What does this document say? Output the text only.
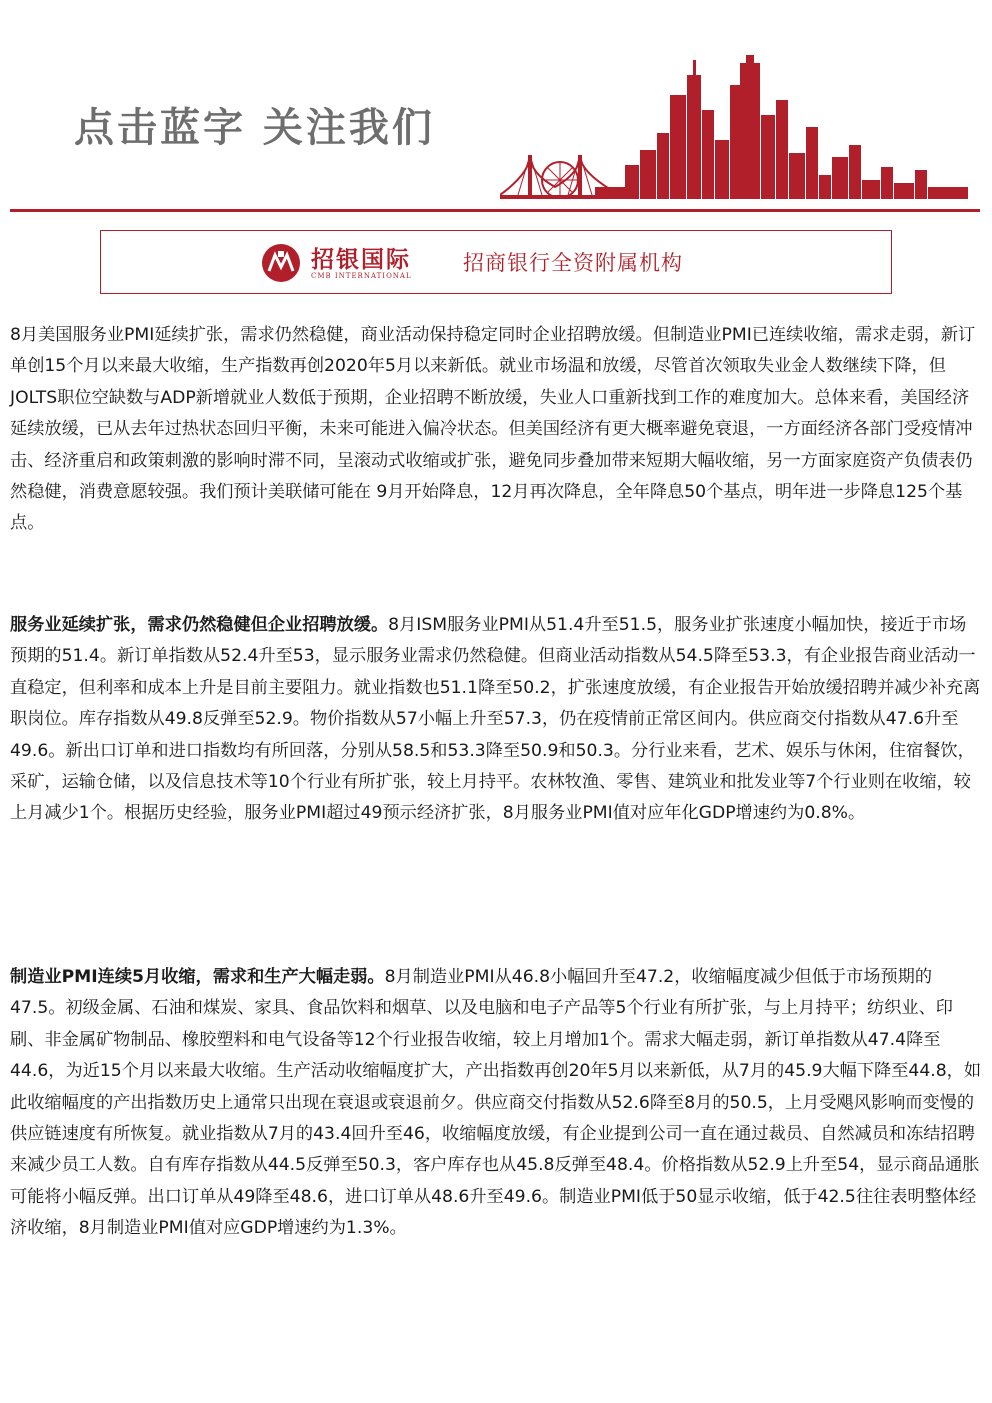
点击蓝字 关注我们
招银国际
CMB INTERNATIONAL
招商银行全资附属机构

8月美国服务业PMI延续扩张，需求仍然稳健，商业活动保持稳定同时企业招聘放缓。但制造业PMI已连续收缩，需求走弱，新订单创15个月以来最大收缩，生产指数再创2020年5月以来新低。就业市场温和放缓，尽管首次领取失业金人数继续下降，但JOLTS职位空缺数与ADP新增就业人数低于预期，企业招聘不断放缓，失业人口重新找到工作的难度加大。总体来看，美国经济延续放缓，已从去年过热状态回归平衡，未来可能进入偏冷状态。但美国经济有更大概率避免衰退，一方面经济各部门受疫情冲击、经济重启和政策刺激的影响时滞不同，呈滚动式收缩或扩张，避免同步叠加带来短期大幅收缩，另一方面家庭资产负债表仍然稳健，消费意愿较强。我们预计美联储可能在 9月开始降息，12月再次降息，全年降息50个基点，明年进一步降息125个基点。

服务业延续扩张，需求仍然稳健但企业招聘放缓。8月ISM服务业PMI从51.4升至51.5，服务业扩张速度小幅加快，接近于市场预期的51.4。新订单指数从52.4升至53，显示服务业需求仍然稳健。但商业活动指数从54.5降至53.3，有企业报告商业活动一直稳定，但利率和成本上升是目前主要阻力。就业指数也51.1降至50.2，扩张速度放缓，有企业报告开始放缓招聘并减少补充离职岗位。库存指数从49.8反弹至52.9。物价指数从57小幅上升至57.3，仍在疫情前正常区间内。供应商交付指数从47.6升至49.6。新出口订单和进口指数均有所回落，分别从58.5和53.3降至50.9和50.3。分行业来看，艺术、娱乐与休闲，住宿餐饮，采矿，运输仓储，以及信息技术等10个行业有所扩张，较上月持平。农林牧渔、零售、建筑业和批发业等7个行业则在收缩，较上月减少1个。根据历史经验，服务业PMI超过49预示经济扩张，8月服务业PMI值对应年化GDP增速约为0.8%。

制造业PMI连续5月收缩，需求和生产大幅走弱。8月制造业PMI从46.8小幅回升至47.2，收缩幅度减少但低于市场预期的47.5。初级金属、石油和煤炭、家具、食品饮料和烟草、以及电脑和电子产品等5个行业有所扩张，与上月持平；纺织业、印刷、非金属矿物制品、橡胶塑料和电气设备等12个行业报告收缩，较上月增加1个。需求大幅走弱，新订单指数从47.4降至44.6，为近15个月以来最大收缩。生产活动收缩幅度扩大，产出指数再创20年5月以来新低，从7月的45.9大幅下降至44.8，如此收缩幅度的产出指数历史上通常只出现在衰退或衰退前夕。供应商交付指数从52.6降至8月的50.5，上月受飓风影响而变慢的供应链速度有所恢复。就业指数从7月的43.4回升至46，收缩幅度放缓，有企业提到公司一直在通过裁员、自然减员和冻结招聘来减少员工人数。自有库存指数从44.5反弹至50.3，客户库存也从45.8反弹至48.4。价格指数从52.9上升至54，显示商品通胀可能将小幅反弹。出口订单从49降至48.6，进口订单从48.6升至49.6。制造业PMI低于50显示收缩，低于42.5往往表明整体经济收缩，8月制造业PMI值对应GDP增速约为1.3%。
